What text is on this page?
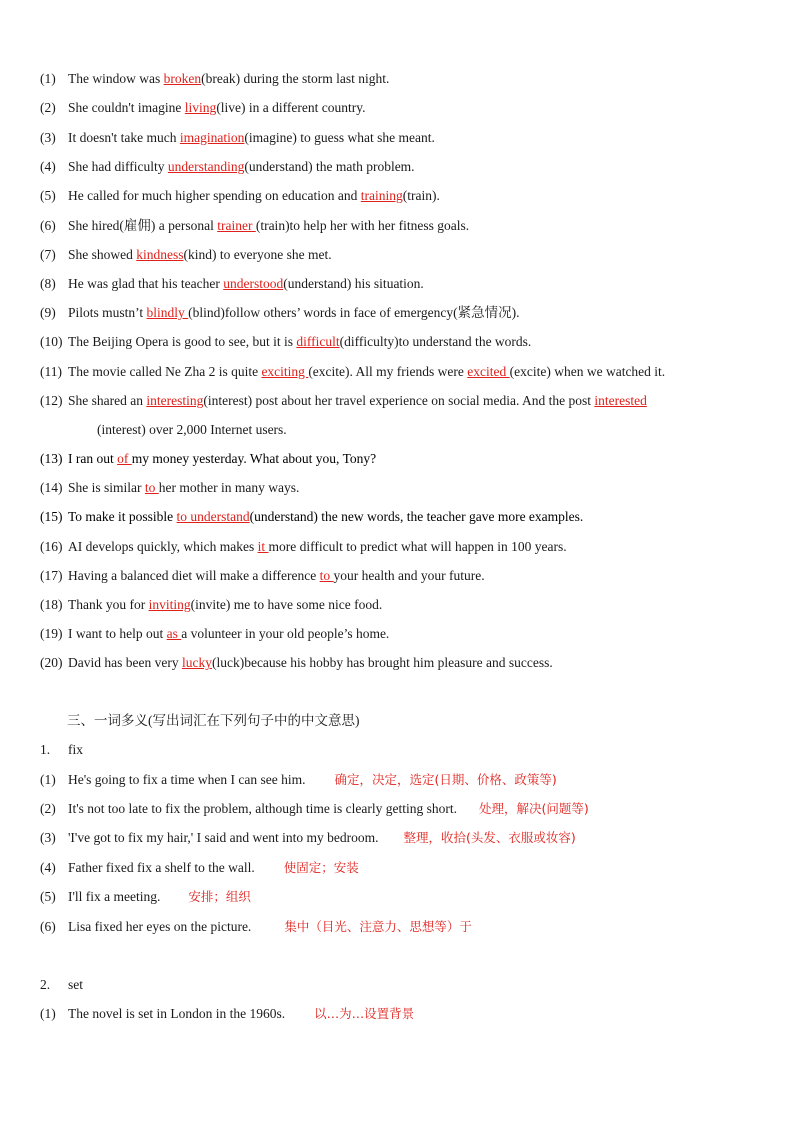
(1) The window was broken(break) during the storm last night.
(2) She couldn't imagine living(live) in a different country.
(3) It doesn't take much imagination(imagine) to guess what she meant.
(4) She had difficulty understanding(understand) the math problem.
(5) He called for much higher spending on education and training(train).
(6) She hired(雇佣) a personal trainer (train)to help her with her fitness goals.
(7) She showed kindness(kind) to everyone she met.
(8) He was glad that his teacher understood(understand) his situation.
(9) Pilots mustn’t blindly (blind)follow others’ words in face of emergency(紧急情况).
(10) The Beijing Opera is good to see, but it is difficult(difficulty)to understand the words.
(11) The movie called Ne Zha 2 is quite exciting (excite). All my friends were excited (excite) when we watched it.
(12) She shared an interesting(interest) post about her travel experience on social media. And the post interested
(interest) over 2,000 Internet users.
(13) I ran out of my money yesterday. What about you, Tony?
(14) She is similar to her mother in many ways.
(15) To make it possible to understand(understand) the new words, the teacher gave more examples.
(16) AI develops quickly, which makes it more difficult to predict what will happen in 100 years.
(17) Having a balanced diet will make a difference to your health and your future.
(18) Thank you for inviting(invite) me to have some nice food.
(19) I want to help out as a volunteer in your old people’s home.
(20) David has been very lucky(luck)because his hobby has brought him pleasure and success.
三、一词多义(写出词汇在下列句子中的中文意思)
1. fix
(1) He's going to fix a time when I can see him. 确定，决定，选定(日期、价格、政策等)
(2) It's not too late to fix the problem, although time is clearly getting short. 处理，解决(问题等)
(3) 'I've got to fix my hair,' I said and went into my bedroom. 整理，收拾(头发、衣服或妆容)
(4) Father fixed fix a shelf to the wall. 使固定；安装
(5) I'll fix a meeting. 安排；组织
(6) Lisa fixed her eyes on the picture.	集中（目光、注意力、思想等）于
2. set
(1) The novel is set in London in the 1960s. 以…为…设置背景
